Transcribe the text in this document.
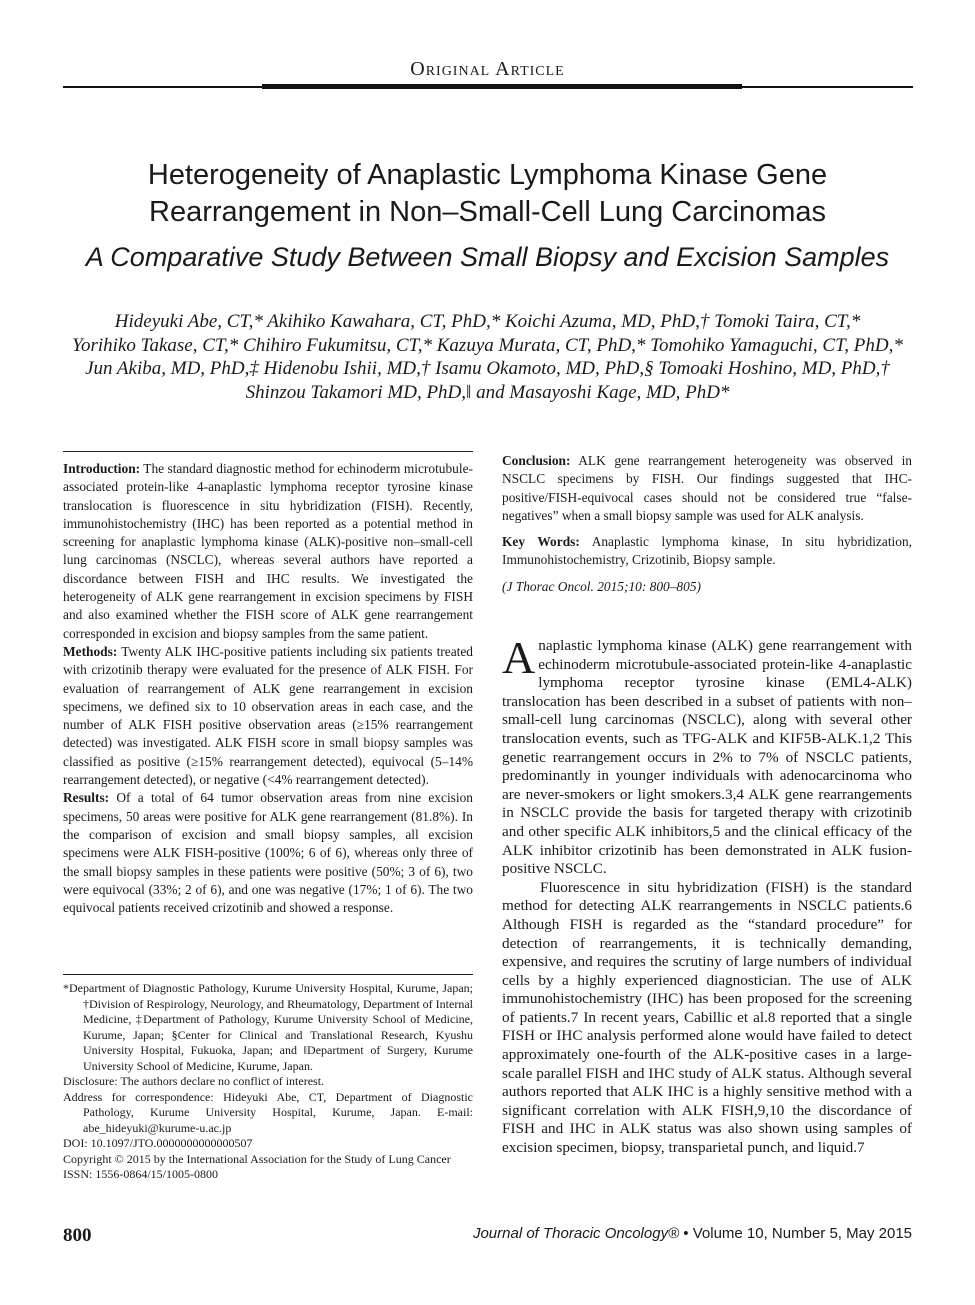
Original Article
Heterogeneity of Anaplastic Lymphoma Kinase Gene
Rearrangement in Non–Small-Cell Lung Carcinomas
A Comparative Study Between Small Biopsy and Excision Samples
Hideyuki Abe, CT,* Akihiko Kawahara, CT, PhD,* Koichi Azuma, MD, PhD,† Tomoki Taira, CT,*
Yorihiko Takase, CT,* Chihiro Fukumitsu, CT,* Kazuya Murata, CT, PhD,* Tomohiko Yamaguchi, CT, PhD,*
Jun Akiba, MD, PhD,‡ Hidenobu Ishii, MD,† Isamu Okamoto, MD, PhD,§ Tomoaki Hoshino, MD, PhD,†
Shinzou Takamori MD, PhD,‖ and Masayoshi Kage, MD, PhD*

Introduction: The standard diagnostic method for echinoderm microtubule-associated protein-like 4-anaplastic lymphoma receptor tyrosine kinase translocation is fluorescence in situ hybridization (FISH). Recently, immunohistochemistry (IHC) has been reported as a potential method in screening for anaplastic lymphoma kinase (ALK)-positive non–small-cell lung carcinomas (NSCLC), whereas several authors have reported a discordance between FISH and IHC results. We investigated the heterogeneity of ALK gene rearrangement in excision specimens by FISH and also examined whether the FISH score of ALK gene rearrangement corresponded in excision and biopsy samples from the same patient.

Methods: Twenty ALK IHC-positive patients including six patients treated with crizotinib therapy were evaluated for the presence of ALK FISH. For evaluation of rearrangement of ALK gene rearrangement in excision specimens, we defined six to 10 observation areas in each case, and the number of ALK FISH positive observation areas (≥15% rearrangement detected) was investigated. ALK FISH score in small biopsy samples was classified as positive (≥15% rearrangement detected), equivocal (5–14% rearrangement detected), or negative (<4% rearrangement detected).

Results: Of a total of 64 tumor observation areas from nine excision specimens, 50 areas were positive for ALK gene rearrangement (81.8%). In the comparison of excision and small biopsy samples, all excision specimens were ALK FISH-positive (100%; 6 of 6), whereas only three of the small biopsy samples in these patients were positive (50%; 3 of 6), two were equivocal (33%; 2 of 6), and one was negative (17%; 1 of 6). The two equivocal patients received crizotinib and showed a response.

*Department of Diagnostic Pathology, Kurume University Hospital, Kurume, Japan; †Division of Respirology, Neurology, and Rheumatology, Department of Internal Medicine, ‡Department of Pathology, Kurume University School of Medicine, Kurume, Japan; §Center for Clinical and Translational Research, Kyushu University Hospital, Fukuoka, Japan; and ‖Department of Surgery, Kurume University School of Medicine, Kurume, Japan.

Disclosure: The authors declare no conflict of interest.

Address for correspondence: Hideyuki Abe, CT, Department of Diagnostic Pathology, Kurume University Hospital, Kurume, Japan. E-mail: abe_hideyuki@kurume-u.ac.jp

DOI: 10.1097/JTO.0000000000000507

Copyright © 2015 by the International Association for the Study of Lung Cancer

ISSN: 1556-0864/15/1005-0800

Conclusion: ALK gene rearrangement heterogeneity was observed in NSCLC specimens by FISH. Our findings suggested that IHC-positive/FISH-equivocal cases should not be considered true “false-negatives” when a small biopsy sample was used for ALK analysis.

Key Words: Anaplastic lymphoma kinase, In situ hybridization, Immunohistochemistry, Crizotinib, Biopsy sample.

(J Thorac Oncol. 2015;10: 800–805)

Anaplastic lymphoma kinase (ALK) gene rearrangement with echinoderm microtubule-associated protein-like 4-anaplastic lymphoma receptor tyrosine kinase (EML4-ALK) translocation has been described in a subset of patients with non–small-cell lung carcinomas (NSCLC), along with several other translocation events, such as TFG-ALK and KIF5B-ALK.1,2 This genetic rearrangement occurs in 2% to 7% of NSCLC patients, predominantly in younger individuals with adenocarcinoma who are never-smokers or light smokers.3,4 ALK gene rearrangements in NSCLC provide the basis for targeted therapy with crizotinib and other specific ALK inhibitors,5 and the clinical efficacy of the ALK inhibitor crizotinib has been demonstrated in ALK fusion-positive NSCLC.

Fluorescence in situ hybridization (FISH) is the standard method for detecting ALK rearrangements in NSCLC patients.6 Although FISH is regarded as the “standard procedure” for detection of rearrangements, it is technically demanding, expensive, and requires the scrutiny of large numbers of individual cells by a highly experienced diagnostician. The use of ALK immunohistochemistry (IHC) has been proposed for the screening of patients.7 In recent years, Cabillic et al.8 reported that a single FISH or IHC analysis performed alone would have failed to detect approximately one-fourth of the ALK-positive cases in a large-scale parallel FISH and IHC study of ALK status. Although several authors reported that ALK IHC is a highly sensitive method with a significant correlation with ALK FISH,9,10 the discordance of FISH and IHC in ALK status was also shown using samples of excision specimen, biopsy, transparietal punch, and liquid.7

800	Journal of Thoracic Oncology® • Volume 10, Number 5, May 2015
